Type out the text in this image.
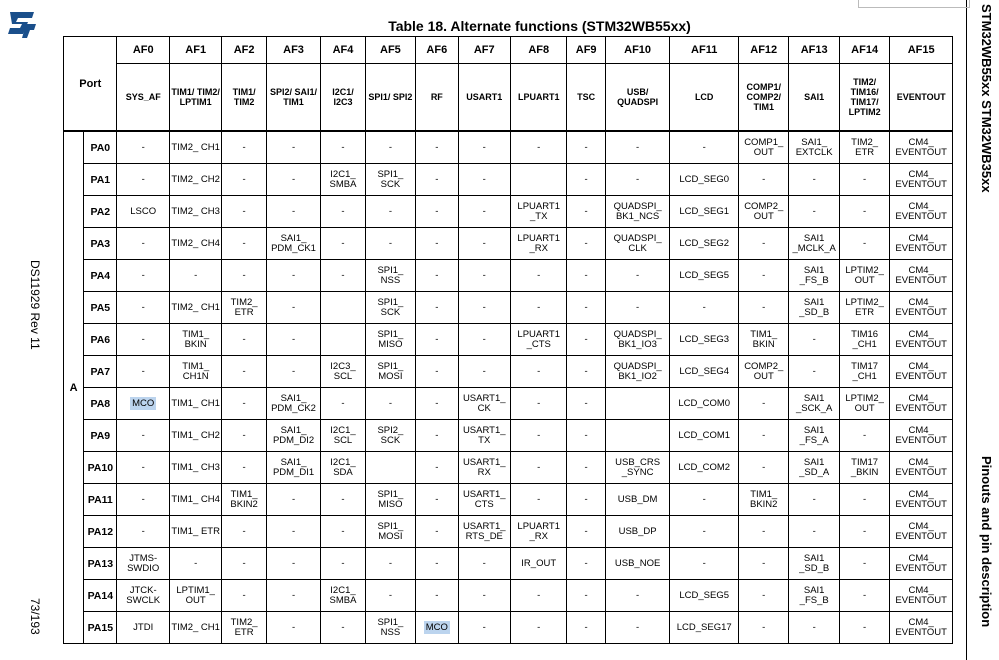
DS11929 Rev 11
73/193
STM32WB55xx STM32WB35xx
Pinouts and pin description
Table 18. Alternate functions (STM32WB55xx)
Port		AF0	AF1	AF2	AF3	AF4	AF5	AF6	AF7	AF8	AF9	AF10	AF11	AF12	AF13	AF14	AF15
		SYS_AF	TIM1/ TIM2/ LPTIM1	TIM1/ TIM2	SPI2/ SAI1/ TIM1	I2C1/ I2C3	SPI1/ SPI2	RF	USART1	LPUART1	TSC	USB/ QUADSPI	LCD	COMP1/ COMP2/ TIM1	SAI1	TIM2/ TIM16/ TIM17/ LPTIM2	EVENTOUT
A	PA0	-	TIM2_ CH1	-	-	-	-	-	-	-	-	-	-	COMP1_ OUT	SAI1_ EXTCLK	TIM2_ ETR	CM4_ EVENTOUT
	PA1	-	TIM2_ CH2	-	-	I2C1_ SMBA	SPI1_ SCK	-	-		-	-	LCD_SEG0	-	-	-	CM4_ EVENTOUT
	PA2	LSCO	TIM2_ CH3	-	-	-	-	-	-	LPUART1 _TX	-	QUADSPI_ BK1_NCS	LCD_SEG1	COMP2_ OUT	-	-	CM4_ EVENTOUT
	PA3	-	TIM2_ CH4	-	SAI1_ PDM_CK1	-	-	-	-	LPUART1 _RX	-	QUADSPI_ CLK	LCD_SEG2	-	SAI1 _MCLK_A	-	CM4_ EVENTOUT
	PA4	-	-	-	-	-	SPI1_ NSS	-	-	-	-	-	LCD_SEG5	-	SAI1 _FS_B	LPTIM2_ OUT	CM4_ EVENTOUT
	PA5	-	TIM2_ CH1	TIM2_ ETR	-		SPI1_ SCK	-	-	-	-	-	-	-	SAI1 _SD_B	LPTIM2_ ETR	CM4_ EVENTOUT
	PA6	-	TIM1_ BKIN	-	-		SPI1_ MISO	-	-	LPUART1 _CTS	-	QUADSPI_ BK1_IO3	LCD_SEG3	TIM1_ BKIN	-	TIM16 _CH1	CM4_ EVENTOUT
	PA7	-	TIM1_ CH1N	-	-	I2C3_ SCL	SPI1_ MOSI	-	-	-	-	QUADSPI_ BK1_IO2	LCD_SEG4	COMP2_ OUT	-	TIM17 _CH1	CM4_ EVENTOUT
	PA8	MCO	TIM1_ CH1	-	SAI1_ PDM_CK2	-	-	-	USART1_ CK	-	-		LCD_COM0	-	SAI1 _SCK_A	LPTIM2_ OUT	CM4_ EVENTOUT
	PA9	-	TIM1_ CH2	-	SAI1_ PDM_DI2	I2C1_ SCL	SPI2_ SCK	-	USART1_ TX	-	-		LCD_COM1	-	SAI1 _FS_A	-	CM4_ EVENTOUT
	PA10	-	TIM1_ CH3	-	SAI1_ PDM_DI1	I2C1_ SDA		-	USART1_ RX	-	-	USB_CRS _SYNC	LCD_COM2	-	SAI1 _SD_A	TIM17 _BKIN	CM4_ EVENTOUT
	PA11	-	TIM1_ CH4	TIM1_ BKIN2	-	-	SPI1_ MISO	-	USART1_ CTS	-	-	USB_DM	-	TIM1_ BKIN2	-	-	CM4_ EVENTOUT
	PA12	-	TIM1_ ETR	-	-	-	SPI1_ MOSI	-	USART1_ RTS_DE	LPUART1 _RX	-	USB_DP	-	-	-	-	CM4_ EVENTOUT
	PA13	JTMS- SWDIO	-	-	-	-	-	-	-	IR_OUT	-	USB_NOE	-	-	SAI1 _SD_B	-	CM4_ EVENTOUT
	PA14	JTCK- SWCLK	LPTIM1_ OUT	-	-	I2C1_ SMBA	-	-	-	-	-	-	LCD_SEG5	-	SAI1 _FS_B	-	CM4_ EVENTOUT
	PA15	JTDI	TIM2_ CH1	TIM2_ ETR	-	-	SPI1_ NSS	MCO	-	-	-	-	LCD_SEG17	-	-	-	CM4_ EVENTOUT
